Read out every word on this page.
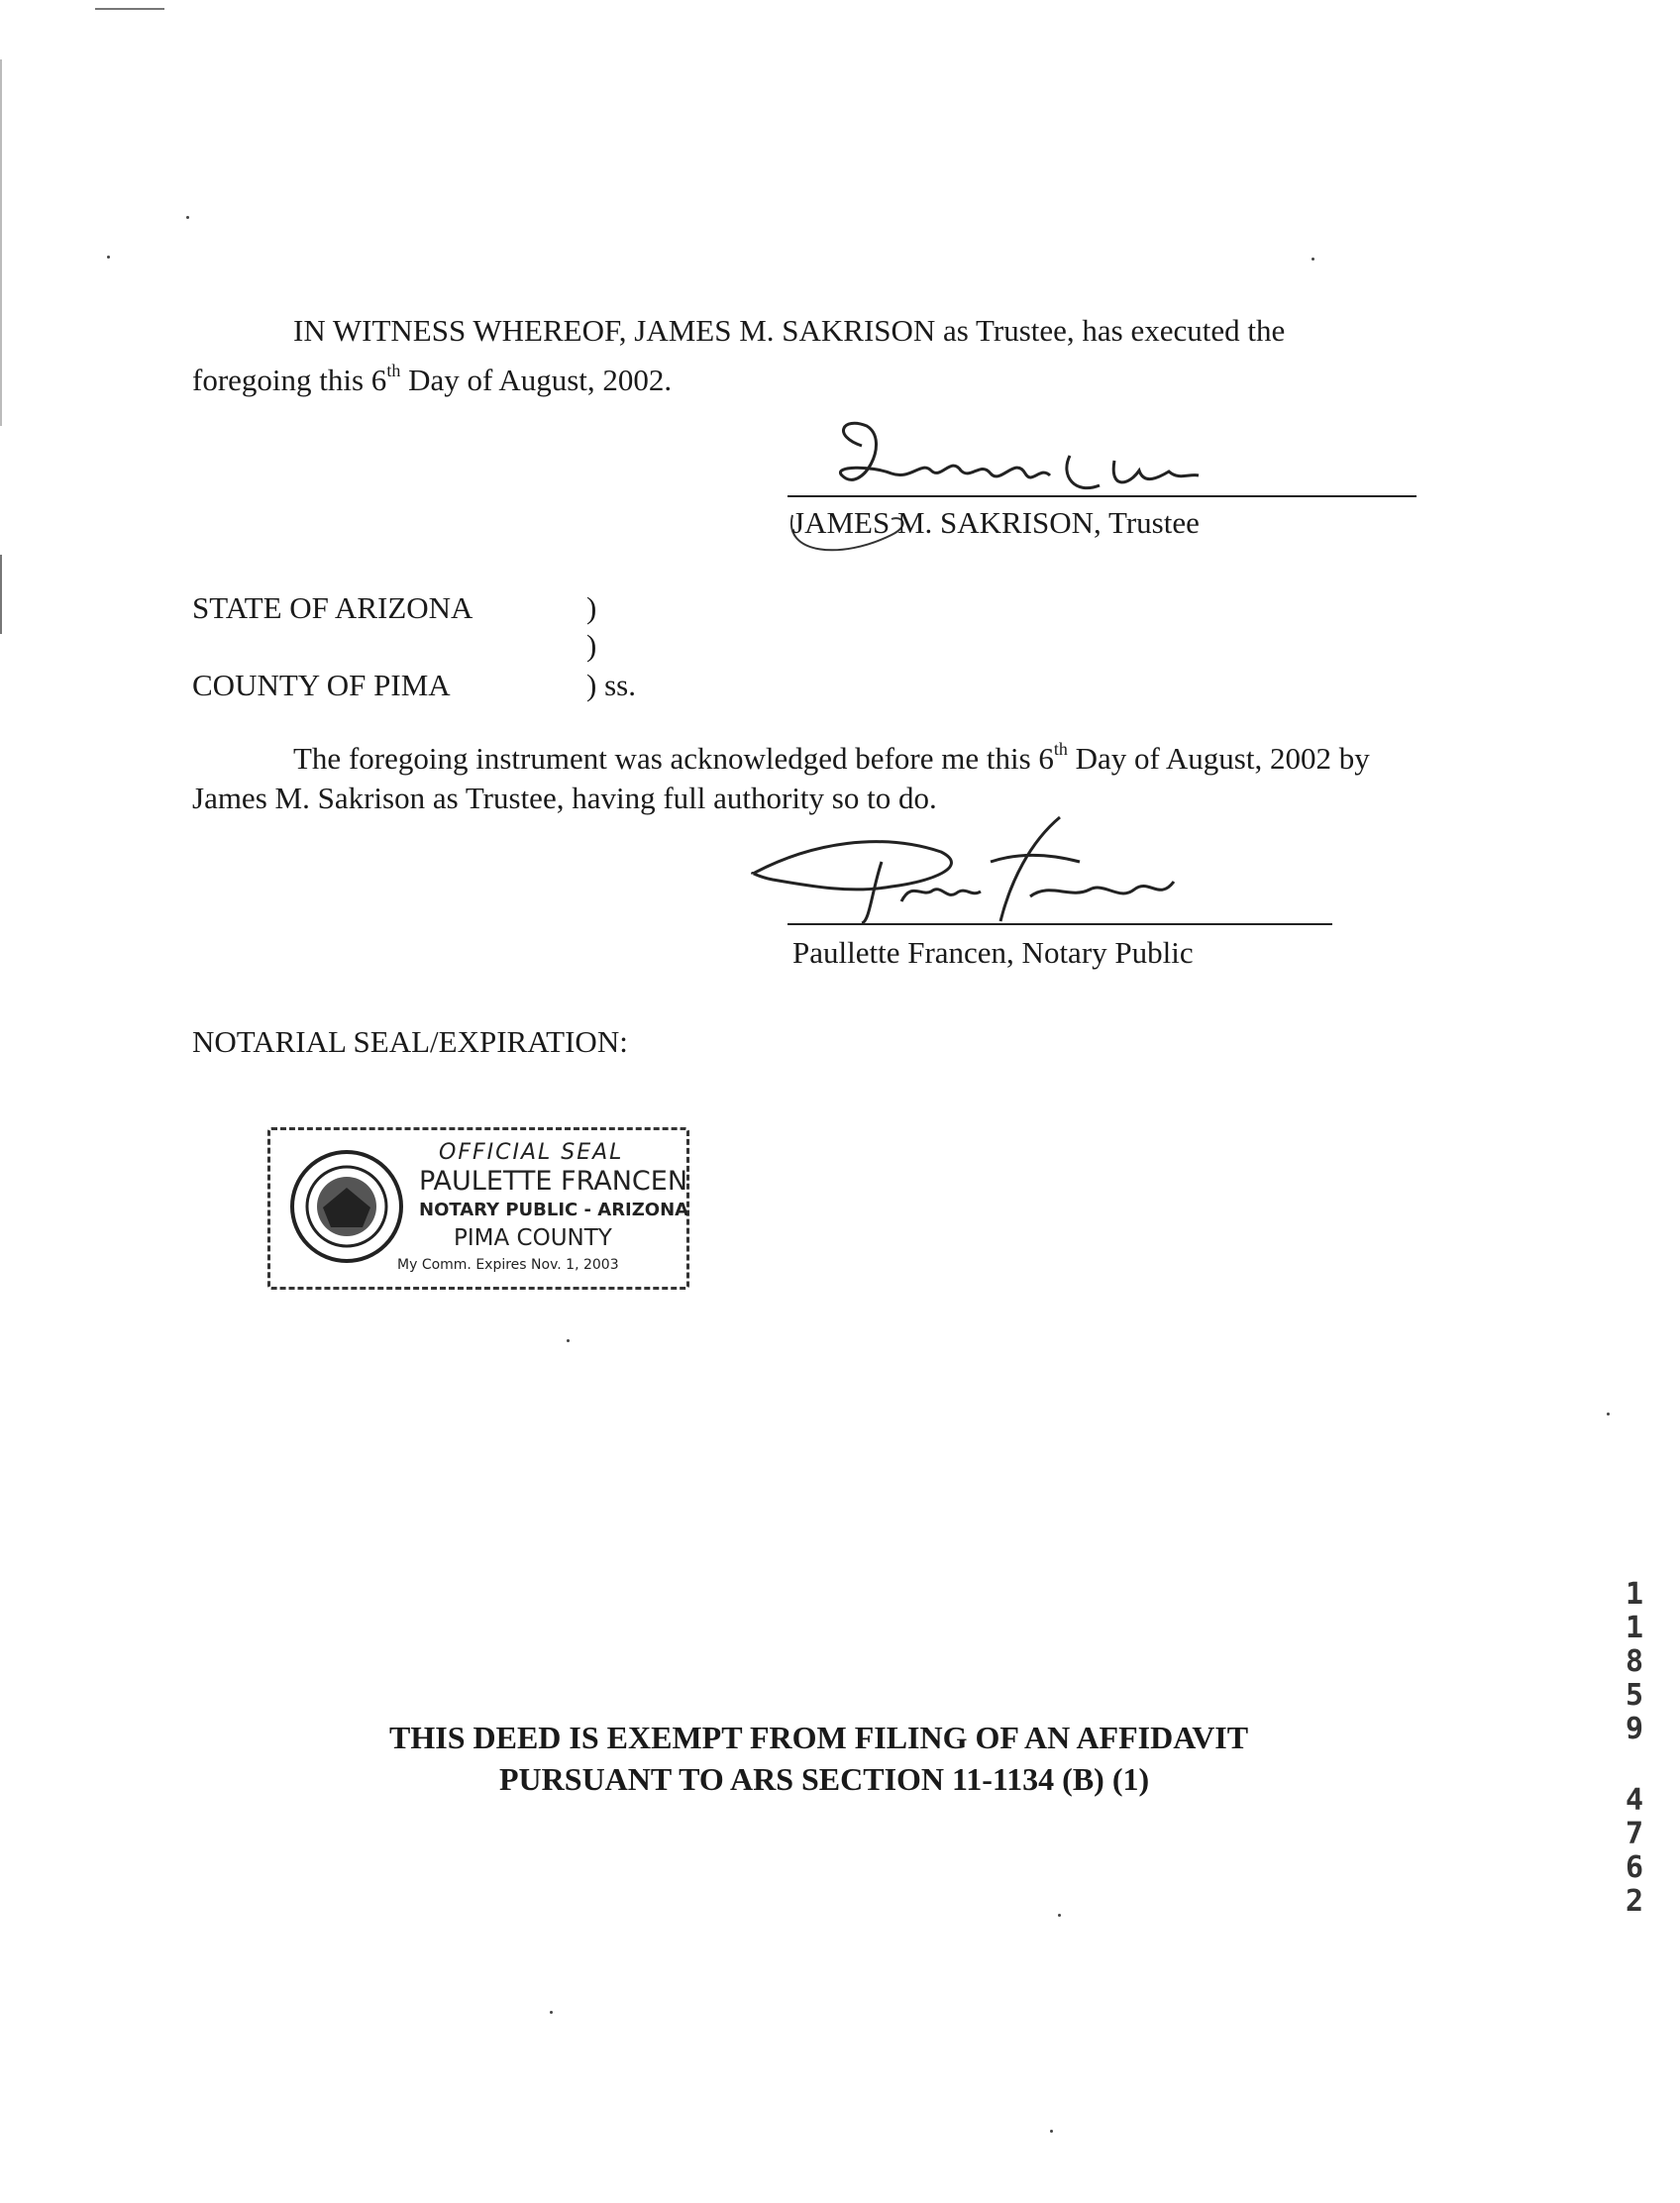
IN WITNESS WHEREOF, JAMES M. SAKRISON as Trustee, has executed the
foregoing this 6th Day of August, 2002.
JAMES M. SAKRISON, Trustee
STATE OF ARIZONA	)
)
COUNTY OF PIMA	) ss.
The foregoing instrument was acknowledged before me this 6th Day of August, 2002 by
James M. Sakrison as Trustee, having full authority so to do.
Paullette Francen, Notary Public
NOTARIAL SEAL/EXPIRATION:
OFFICIAL SEAL
PAULETTE FRANCEN
NOTARY PUBLIC - ARIZONA
PIMA COUNTY
My Comm. Expires Nov. 1, 2003
THIS DEED IS EXEMPT FROM FILING OF AN AFFIDAVIT
PURSUANT TO ARS SECTION 11-1134 (B) (1)
1
1
8
5
9
4
7
6
2
